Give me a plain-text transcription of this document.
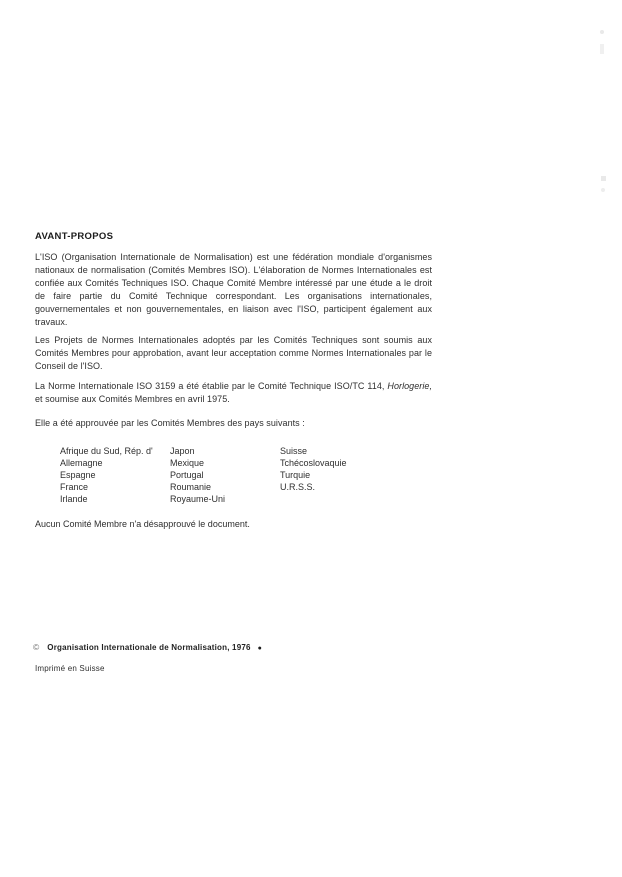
AVANT-PROPOS

L'ISO (Organisation Internationale de Normalisation) est une fédération mondiale d'organismes nationaux de normalisation (Comités Membres ISO). L'élaboration de Normes Internationales est confiée aux Comités Techniques ISO. Chaque Comité Membre intéressé par une étude a le droit de faire partie du Comité Technique correspondant. Les organisations internationales, gouvernementales et non gouvernementales, en liaison avec l'ISO, participent également aux travaux.

Les Projets de Normes Internationales adoptés par les Comités Techniques sont soumis aux Comités Membres pour approbation, avant leur acceptation comme Normes Internationales par le Conseil de l'ISO.

La Norme Internationale ISO 3159 a été établie par le Comité Technique ISO/TC 114, Horlogerie, et soumise aux Comités Membres en avril 1975.

Elle a été approuvée par les Comités Membres des pays suivants :

Afrique du Sud, Rép. d'
Allemagne
Espagne
France
Irlande
Japon
Mexique
Portugal
Roumanie
Royaume-Uni
Suisse
Tchécoslovaquie
Turquie
U.R.S.S.

Aucun Comité Membre n'a désapprouvé le document.

© Organisation Internationale de Normalisation, 1976 ●

Imprimé en Suisse
